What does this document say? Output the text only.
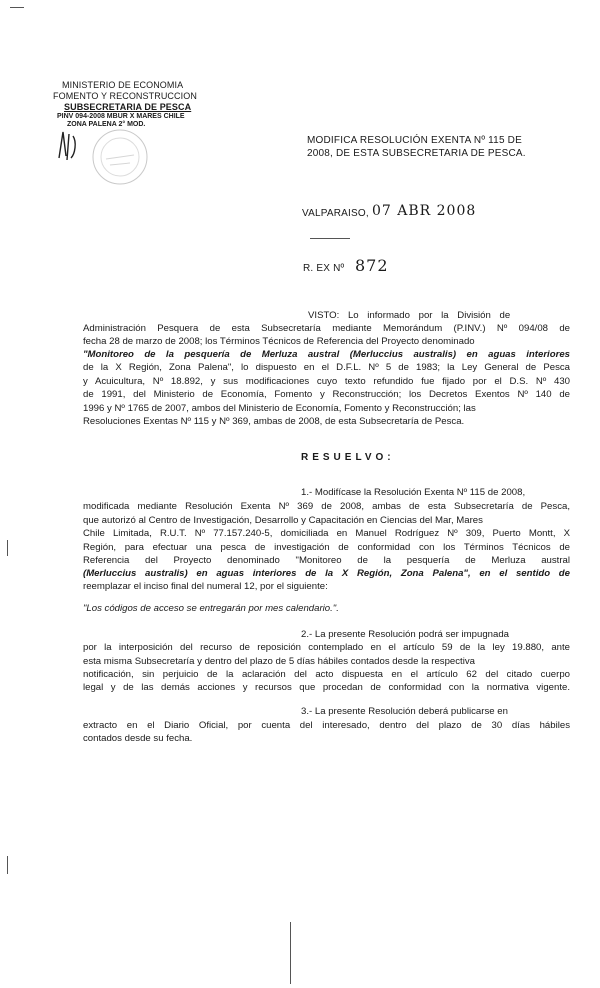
MINISTERIO DE ECONOMIA
FOMENTO Y RECONSTRUCCION
SUBSECRETARIA DE PESCA
PINV 094-2008 MBUR X MARES CHILE
ZONA PALENA 2° MOD.
MODIFICA RESOLUCIÓN EXENTA Nº 115 DE
2008, DE ESTA SUBSECRETARIA DE PESCA.
VALPARAISO, 07 ABR 2008
R. EX Nº 872
VISTO: Lo informado por la División de
Administración Pesquera de esta Subsecretaría mediante Memorándum (P.INV.) Nº 094/08 de
fecha 28 de marzo de 2008; los Términos Técnicos de Referencia del Proyecto denominado
"Monitoreo de la pesquería de Merluza austral (Merluccius australis) en aguas interiores
de la X Región, Zona Palena", lo dispuesto en el D.F.L. Nº 5 de 1983; la Ley General de Pesca
y Acuicultura, Nº 18.892, y sus modificaciones cuyo texto refundido fue fijado por el D.S. Nº 430
de 1991, del Ministerio de Economía, Fomento y Reconstrucción; los Decretos Exentos Nº 140 de
1996 y Nº 1765 de 2007, ambos del Ministerio de Economía, Fomento y Reconstrucción; las
Resoluciones Exentas Nº 115 y Nº 369, ambas de 2008, de esta Subsecretaría de Pesca.
RESUELVO:
1.- Modifícase la Resolución Exenta Nº 115 de 2008,
modificada mediante Resolución Exenta Nº 369 de 2008, ambas de esta Subsecretaría de Pesca,
que autorizó al Centro de Investigación, Desarrollo y Capacitación en Ciencias del Mar, Mares
Chile Limitada, R.U.T. Nº 77.157.240-5, domiciliada en Manuel Rodríguez Nº 309, Puerto Montt, X
Región, para efectuar una pesca de investigación de conformidad con los Términos Técnicos de
Referencia del Proyecto denominado "Monitoreo de la pesquería de Merluza austral
(Merluccius australis) en aguas interiores de la X Región, Zona Palena", en el sentido de
reemplazar el inciso final del numeral 12, por el siguiente:
"Los códigos de acceso se entregarán por mes calendario.".
2.- La presente Resolución podrá ser impugnada
por la interposición del recurso de reposición contemplado en el artículo 59 de la ley 19.880, ante
esta misma Subsecretaría y dentro del plazo de 5 días hábiles contados desde la respectiva
notificación, sin perjuicio de la aclaración del acto dispuesta en el artículo 62 del citado cuerpo
legal y de las demás acciones y recursos que procedan de conformidad con la normativa vigente.
3.- La presente Resolución deberá publicarse en
extracto en el Diario Oficial, por cuenta del interesado, dentro del plazo de 30 días hábiles
contados desde su fecha.
